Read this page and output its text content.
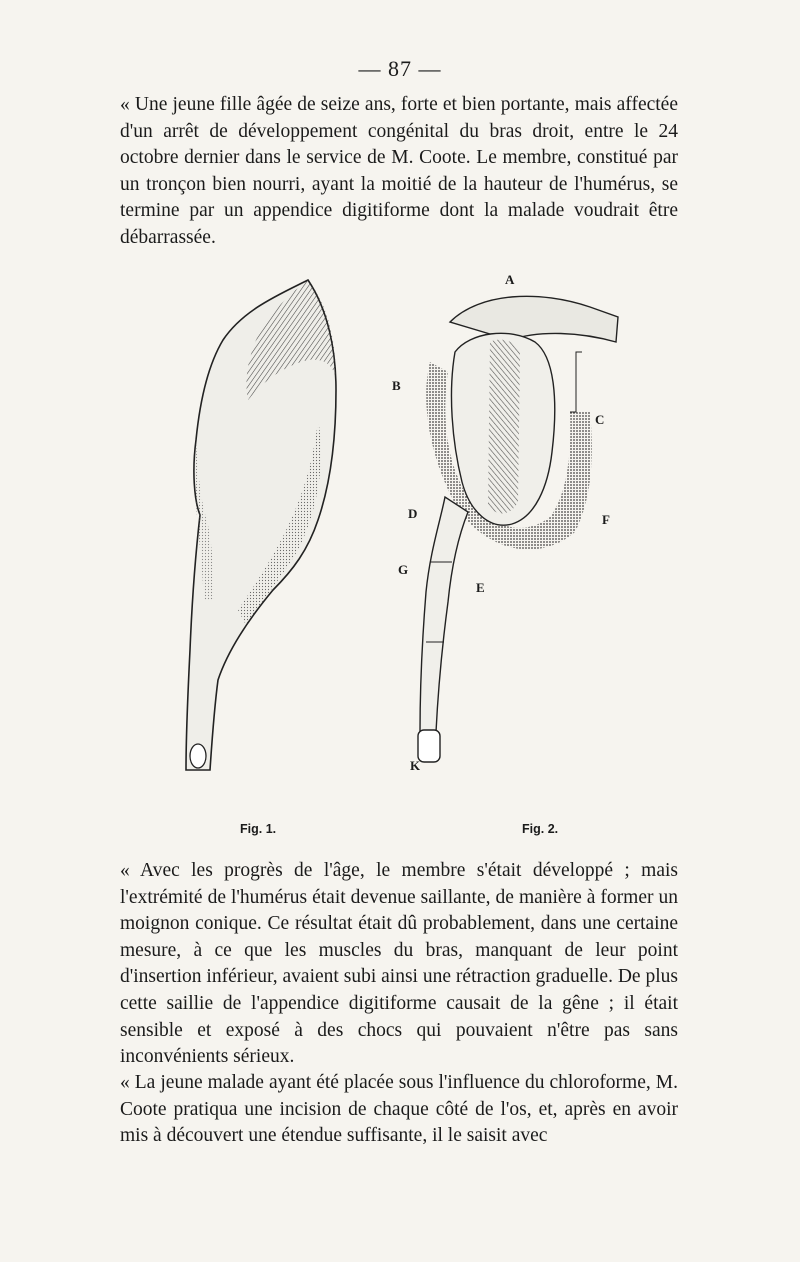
— 87 —

« Une jeune fille âgée de seize ans, forte et bien portante, mais affectée d'un arrêt de développement congénital du bras droit, entre le 24 octobre dernier dans le service de M. Coote. Le membre, constitué par un tronçon bien nourri, ayant la moitié de la hauteur de l'humérus, se termine par un appendice digitiforme dont la malade voudrait être débarrassée.

A
B
C
D	F
G
E
K
Fig. 1.	Fig. 2.

« Avec les progrès de l'âge, le membre s'était développé ; mais l'extrémité de l'humérus était devenue saillante, de manière à former un moignon conique. Ce résultat était dû probablement, dans une certaine mesure, à ce que les muscles du bras, manquant de leur point d'insertion inférieur, avaient subi ainsi une rétraction graduelle. De plus cette saillie de l'appendice digitiforme causait de la gêne ; il était sensible et exposé à des chocs qui pouvaient n'être pas sans inconvénients sérieux.

« La jeune malade ayant été placée sous l'influence du chloroforme, M. Coote pratiqua une incision de chaque côté de l'os, et, après en avoir mis à découvert une étendue suffisante, il le saisit avec
